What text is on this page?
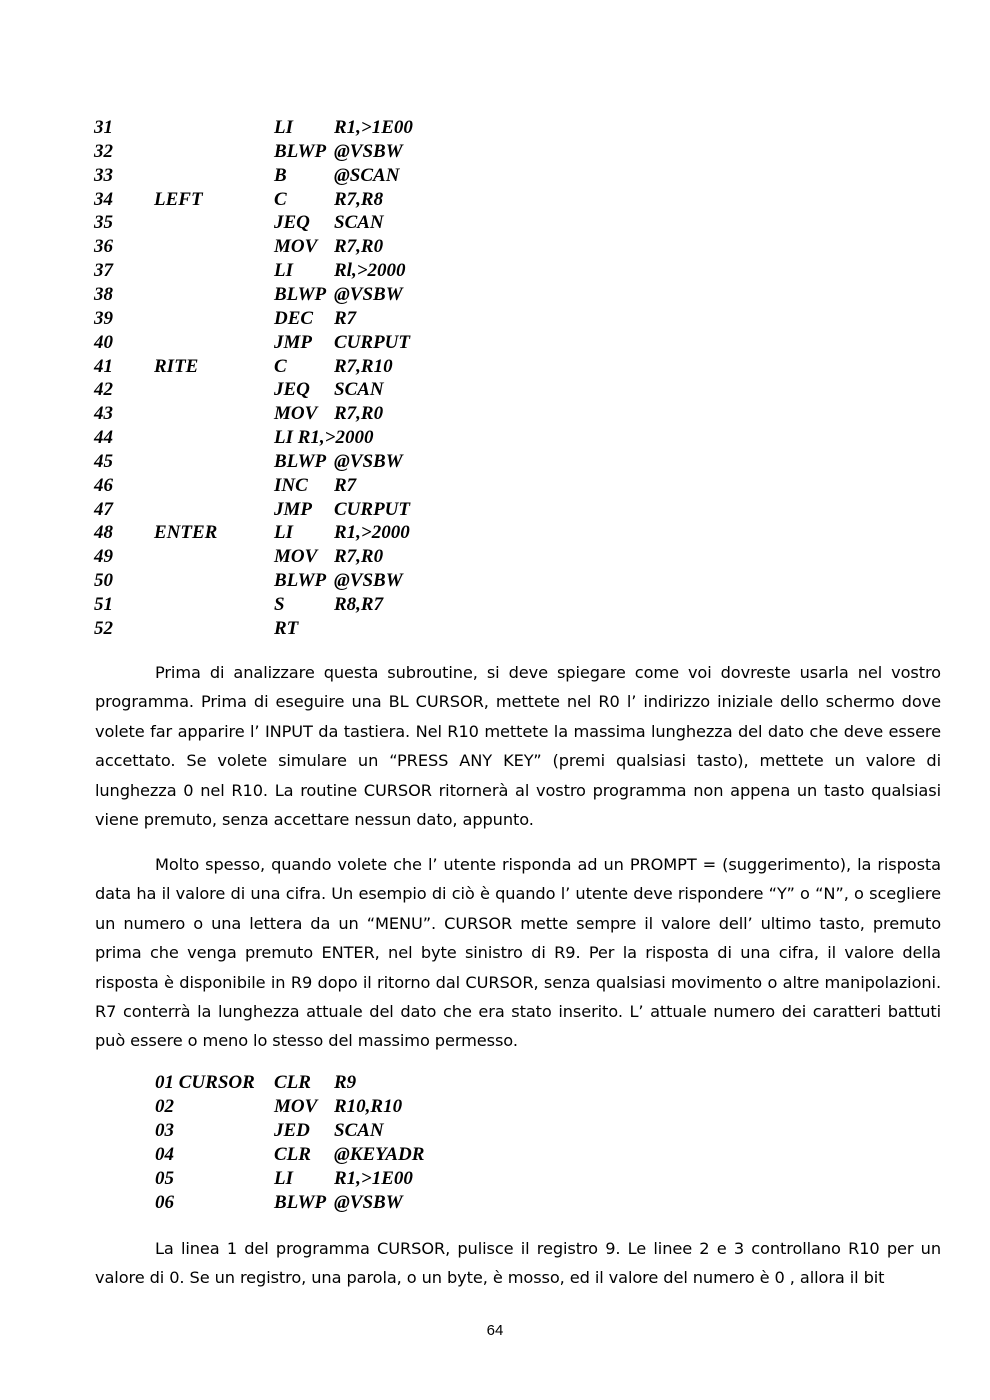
31	LI R1,>1E00
32	BLWP @VSBW
33	B @SCAN
34 LEFT	C R7,R8
35	JEQ SCAN
36	MOV R7,R0
37	LI Rl,>2000
38	BLWP @VSBW
39	DEC R7
40	JMP CURPUT
41 RITE	C R7,R10
42	JEQ SCAN
43	MOV R7,R0
44	LI R1,>2000
45	BLWP @VSBW
46	INC R7
47	JMP CURPUT
48 ENTER	LI R1,>2000
49	MOV R7,R0
50	BLWP @VSBW
51	S	R8,R7
52	RT

Prima di analizzare questa subroutine, si deve spiegare come voi dovreste usarla nel vostro programma. Prima di eseguire una BL CURSOR, mettete nel R0 l’ indirizzo iniziale dello schermo dove volete far apparire l’ INPUT da tastiera. Nel R10 mettete la massima lunghezza del dato che deve essere accettato. Se volete simulare un “PRESS ANY KEY” (premi qualsiasi tasto), mettete un valore di lunghezza 0 nel R10. La routine CURSOR ritornerà al vostro programma non appena un tasto qualsiasi viene premuto, senza accettare nessun dato, appunto.

Molto spesso, quando volete che l’ utente risponda ad un PROMPT = (suggerimento), la risposta data ha il valore di una cifra. Un esempio di ciò è quando l’ utente deve rispondere “Y” o “N”, o scegliere un numero o una lettera da un “MENU”. CURSOR mette sempre il valore dell’ ultimo tasto, premuto prima che venga premuto ENTER, nel byte sinistro di R9. Per la risposta di una cifra, il valore della risposta è disponibile in R9 dopo il ritorno dal CURSOR, senza qualsiasi movimento o altre manipolazioni. R7 conterrà la lunghezza attuale del dato che era stato inserito. L’ attuale numero dei caratteri battuti può essere o meno lo stesso del massimo permesso.

01 CURSOR CLR R9
02	MOV R10,R10
03	JED SCAN
04	CLR @KEYADR
05	LI R1,>1E00
06	BLWP @VSBW

La linea 1 del programma CURSOR, pulisce il registro 9. Le linee 2 e 3 controllano R10 per un valore di 0. Se un registro, una parola, o un byte, è mosso, ed il valore del numero è 0 , allora il bit

64
